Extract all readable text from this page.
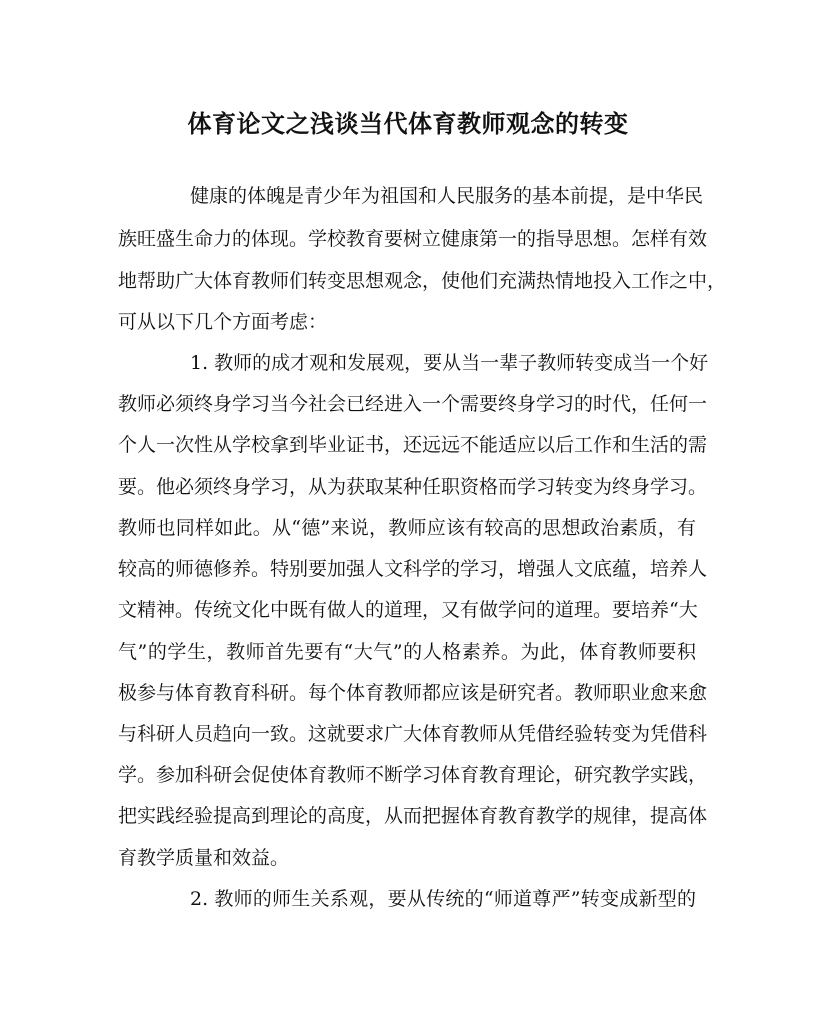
体育论文之浅谈当代体育教师观念的转变
健康的体魄是青少年为祖国和人民服务的基本前提，是中华民
族旺盛生命力的体现。学校教育要树立健康第一的指导思想。怎样有效
地帮助广大体育教师们转变思想观念，使他们充满热情地投入工作之中，
可从以下几个方面考虑：
1. 教师的成才观和发展观，要从当一辈子教师转变成当一个好
教师必须终身学习当今社会已经进入一个需要终身学习的时代，任何一
个人一次性从学校拿到毕业证书，还远远不能适应以后工作和生活的需
要。他必须终身学习，从为获取某种任职资格而学习转变为终身学习。
教师也同样如此。从“德”来说，教师应该有较高的思想政治素质，有
较高的师德修养。特别要加强人文科学的学习，增强人文底蕴，培养人
文精神。传统文化中既有做人的道理，又有做学问的道理。要培养“大
气”的学生，教师首先要有“大气”的人格素养。为此，体育教师要积
极参与体育教育科研。每个体育教师都应该是研究者。教师职业愈来愈
与科研人员趋向一致。这就要求广大体育教师从凭借经验转变为凭借科
学。参加科研会促使体育教师不断学习体育教育理论，研究教学实践，
把实践经验提高到理论的高度，从而把握体育教育教学的规律，提高体
育教学质量和效益。
2. 教师的师生关系观，要从传统的“师道尊严”转变成新型的
